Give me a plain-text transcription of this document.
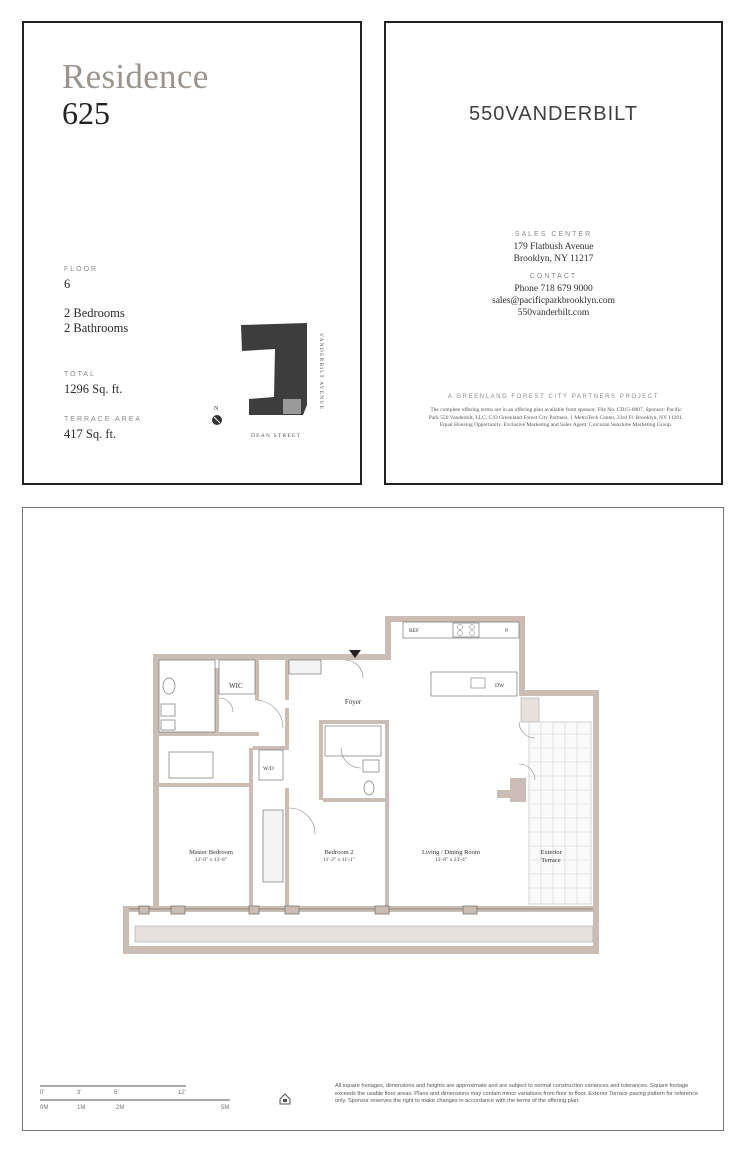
Residence
625
FLOOR
6
2 Bedrooms
2 Bathrooms
TOTAL
1296 Sq. ft.
TERRACE AREA
417 Sq. ft.
N
DEAN STREET
VANDERBILT AVENUE
550VANDERBILT
SALES CENTER
179 Flatbush Avenue
Brooklyn, NY 11217
CONTACT
Phone 718 679 9000
sales@pacificparkbrooklyn.com
550vanderbilt.com
A GREENLAND FOREST CITY PARTNERS PROJECT
The complete offering terms are in an offering plan available from sponsor. File No. CD15-0007. Sponsor: Pacific Park 550 Vanderbilt, LLC, C/O Greenland Forest City Partners, 1 MetroTech Center, 23rd Fl. Brooklyn, NY 11201. Equal Housing Opportunity. Exclusive Marketing and Sales Agent: Corcoran Sunshine Marketing Group.
REF	P
DW
WIC
W/D
Foyer
Master Bedroom
12'-0" x 13'-8"
Bedroom 2
11'-2" x 11'-1"
Living / Dining Room
13'-8" x 23'-4"
Exterior
Terrace
0'	3'	6'	12'
0M	1M	2M	5M
All square footages, dimensions and heights are approximate and are subject to normal construction variances and tolerances. Square footage exceeds the usable floor areas. Plans and dimensions may contain minor variations from floor to floor. Exterior Terrace paving pattern for reference only. Sponsor reserves the right to make changes in accordance with the terms of the offering plan.
